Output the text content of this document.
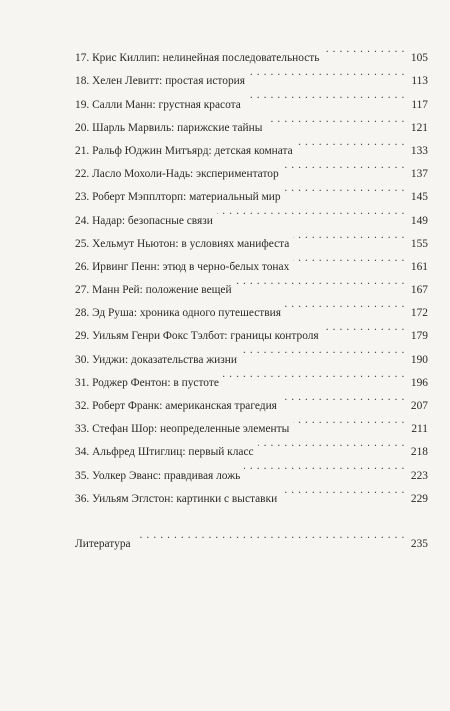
17. Крис Киллип: нелинейная последовательность . . .	105
18. Хелен Левитт: простая история . . .	113
19. Салли Манн: грустная красота . . .	117
20. Шарль Марвиль: парижские тайны . . .	121
21. Ральф Юджин Митъярд: детская комната . . .	133
22. Ласло Мохоли-Надь: экспериментатор . . .	137
23. Роберт Мэпплторп: материальный мир . . .	145
24. Надар: безопасные связи . . .	149
25. Хельмут Ньютон: в условиях манифеста . . .	155
26. Ирвинг Пенн: этюд в черно-белых тонах . . .	161
27. Манн Рей: положение вещей . . .	167
28. Эд Руша: хроника одного путешествия . . .	172
29. Уильям Генри Фокс Тэлбот: границы контроля . . .	179
30. Уиджи: доказательства жизни . . .	190
31. Роджер Фентон: в пустоте . . .	196
32. Роберт Франк: американская трагедия . . .	207
33. Стефан Шор: неопределенные элементы . . .	211
34. Альфред Штиглиц: первый класс . . .	218
35. Уолкер Эванс: правдивая ложь . . .	223
36. Уильям Эглстон: картинки с выставки . . .	229
Литература . . .	235
